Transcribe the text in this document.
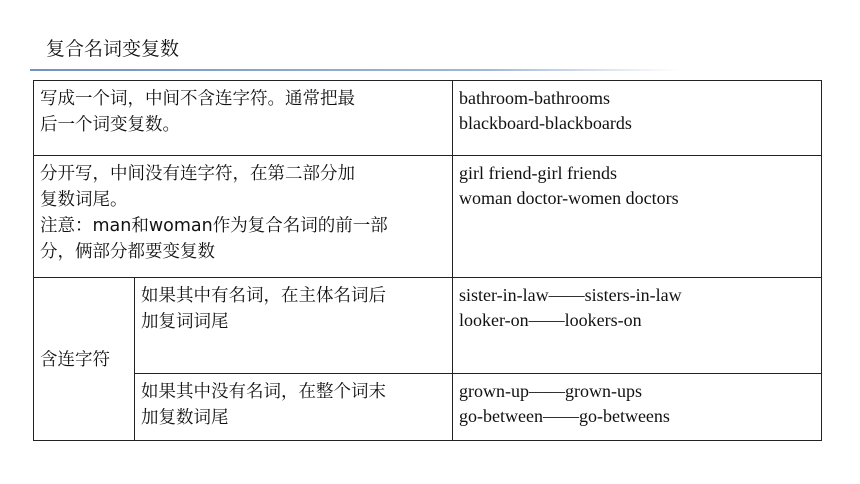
复合名词变复数
写成一个词，中间不含连字符。通常把最
后一个词变复数。		bathroom-bathrooms
blackboard-blackboards

分开写，中间没有连字符，在第二部分加
复数词尾。
注意：man和woman作为复合名词的前一部
分，俩部分都要变复数		girl friend-girl friends
woman doctor-women doctors

含连字符	如果其中有名词，在主体名词后
加复词词尾	sister-in-law——sisters-in-law
looker-on——lookers-on

	如果其中没有名词，在整个词末
加复数词尾	grown-up——grown-ups
go-between——go-betweens
